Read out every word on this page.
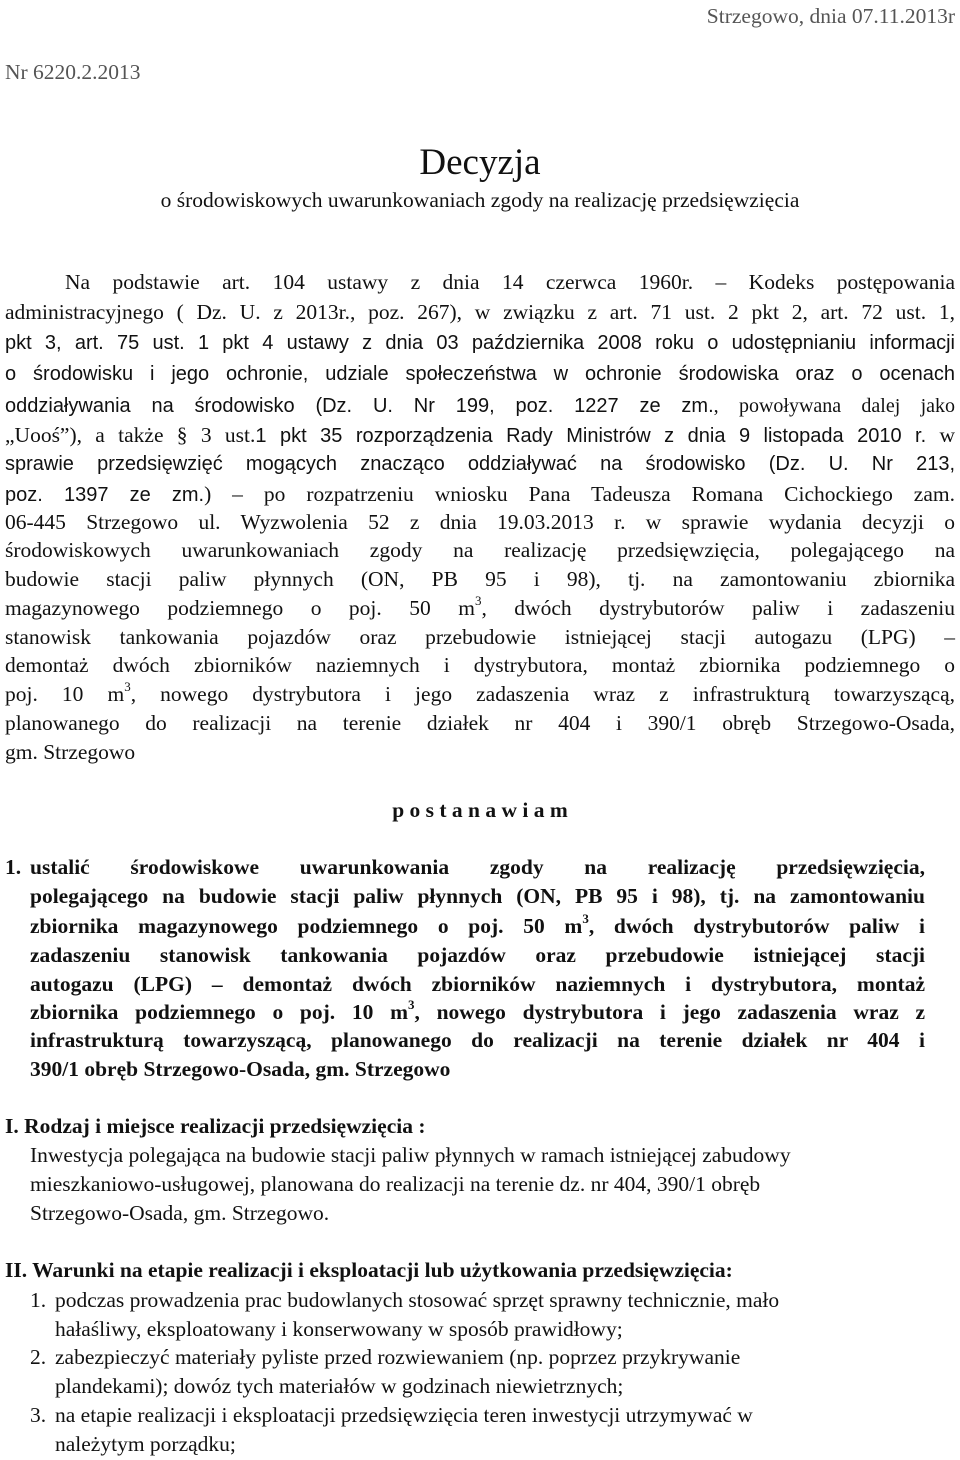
Strzegowo, dnia 07.11.2013r
Nr 6220.2.2013
Decyzja
o środowiskowych uwarunkowaniach zgody na realizację przedsięwzięcia

Na podstawie art. 104 ustawy z dnia 14 czerwca 1960r. – Kodeks postępowania

administracyjnego ( Dz. U. z 2013r., poz. 267), w związku z art. 71 ust. 2 pkt 2, art. 72 ust. 1,

pkt 3, art. 75 ust. 1 pkt 4 ustawy z dnia 03 października 2008 roku o udostępnianiu informacji

o środowisku i jego ochronie, udziale społeczeństwa w ochronie środowiska oraz o ocenach

oddziaływania na środowisko (Dz. U. Nr 199, poz. 1227 ze zm., powoływana dalej jako

„Uooś”), a także § 3 ust.1 pkt 35 rozporządzenia Rady Ministrów z dnia 9 listopada 2010 r. w

sprawie przedsięwzięć mogących znacząco oddziaływać na środowisko (Dz. U. Nr 213,

poz. 1397 ze zm.) – po rozpatrzeniu wniosku Pana Tadeusza Romana Cichockiego zam.

06-445 Strzegowo ul. Wyzwolenia 52 z dnia 19.03.2013 r. w sprawie wydania decyzji o

środowiskowych uwarunkowaniach zgody na realizację przedsięwzięcia, polegającego na

budowie stacji paliw płynnych (ON, PB 95 i 98), tj. na zamontowaniu zbiornika

magazynowego podziemnego o poj. 50 $m^3$, dwóch dystrybutorów paliw i zadaszeniu

stanowisk tankowania pojazdów oraz przebudowie istniejącej stacji autogazu (LPG) –

demontaż dwóch zbiorników naziemnych i dystrybutora, montaż zbiornika podziemnego o

poj. 10 $m^3$, nowego dystrybutora i jego zadaszenia wraz z infrastrukturą towarzyszącą,

planowanego do realizacji na terenie działek nr 404 i 390/1 obręb Strzegowo-Osada,

gm. Strzegowo

p o s t a n a w i a m

1. ustalić środowiskowe uwarunkowania zgody na realizację przedsięwzięcia,

polegającego na budowie stacji paliw płynnych (ON, PB 95 i 98), tj. na zamontowaniu

zbiornika magazynowego podziemnego o poj. 50 $m^3$, dwóch dystrybutorów paliw i

zadaszeniu stanowisk tankowania pojazdów oraz przebudowie istniejącej stacji

autogazu (LPG) – demontaż dwóch zbiorników naziemnych i dystrybutora, montaż

zbiornika podziemnego o poj. 10 $m^3$, nowego dystrybutora i jego zadaszenia wraz z

infrastrukturą towarzyszącą, planowanego do realizacji na terenie działek nr 404 i

390/1 obręb Strzegowo-Osada, gm. Strzegowo

I. Rodzaj i miejsce realizacji przedsięwzięcia :

Inwestycja polegająca na budowie stacji paliw płynnych w ramach istniejącej zabudowy

mieszkaniowo-usługowej, planowana do realizacji na terenie dz. nr 404, 390/1 obręb

Strzegowo-Osada, gm. Strzegowo.

II. Warunki na etapie realizacji i eksploatacji lub użytkowania przedsięwzięcia:

1. podczas prowadzenia prac budowlanych stosować sprzęt sprawny technicznie, mało

hałaśliwy, eksploatowany i konserwowany w sposób prawidłowy;

2. zabezpieczyć materiały pyliste przed rozwiewaniem (np. poprzez przykrywanie

plandekami); dowóz tych materiałów w godzinach niewietrznych;

3. na etapie realizacji i eksploatacji przedsięwzięcia teren inwestycji utrzymywać w

należytym porządku;
